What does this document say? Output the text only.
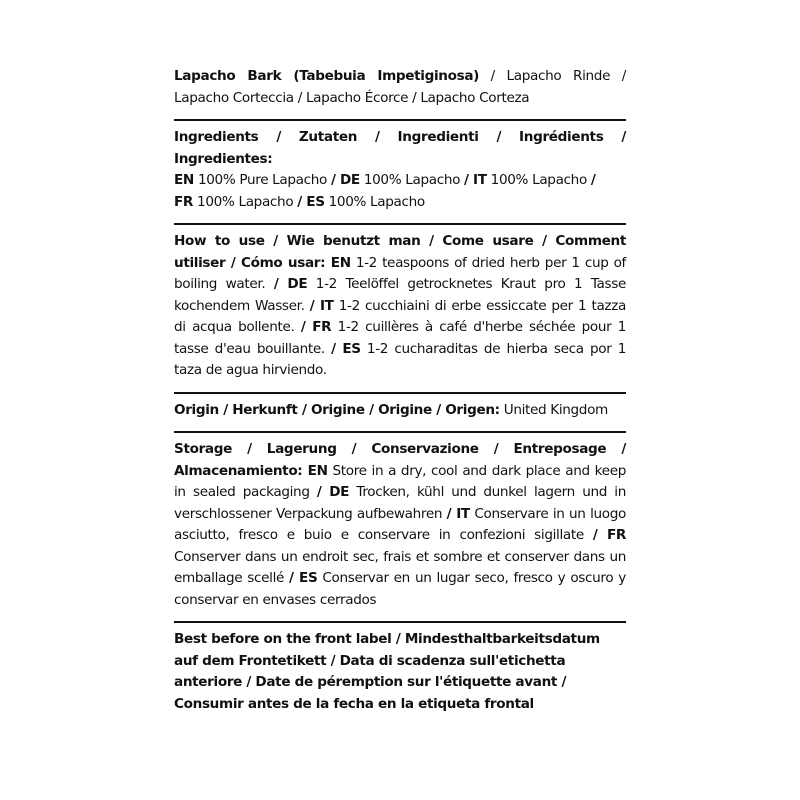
Lapacho Bark (Tabebuia Impetiginosa) / Lapacho Rinde / Lapacho Corteccia / Lapacho Écorce / Lapacho Corteza
Ingredients / Zutaten / Ingredienti / Ingrédients / Ingredientes:
EN 100% Pure Lapacho / DE 100% Lapacho / IT 100% Lapacho /
FR 100% Lapacho / ES 100% Lapacho
How to use / Wie benutzt man / Come usare / Comment utiliser / Cómo usar: EN 1-2 teaspoons of dried herb per 1 cup of boiling water. / DE 1-2 Teelöffel getrocknetes Kraut pro 1 Tasse kochendem Wasser. / IT 1-2 cucchiaini di erbe essiccate per 1 tazza di acqua bollente. / FR 1-2 cuillères à café d'herbe séchée pour 1 tasse d'eau bouillante. / ES 1-2 cucharaditas de hierba seca por 1 taza de agua hirviendo.
Origin / Herkunft / Origine / Origine / Origen: United Kingdom
Storage / Lagerung / Conservazione / Entreposage / Almacenamiento: EN Store in a dry, cool and dark place and keep in sealed packaging / DE Trocken, kühl und dunkel lagern und in verschlossener Verpackung aufbewahren / IT Conservare in un luogo asciutto, fresco e buio e conservare in confezioni sigillate / FR Conserver dans un endroit sec, frais et sombre et conserver dans un emballage scellé / ES Conservar en un lugar seco, fresco y oscuro y conservar en envases cerrados
Best before on the front label / Mindesthaltbarkeitsdatum auf dem Frontetikett / Data di scadenza sull'etichetta anteriore / Date de péremption sur l'étiquette avant / Consumir antes de la fecha en la etiqueta frontal
